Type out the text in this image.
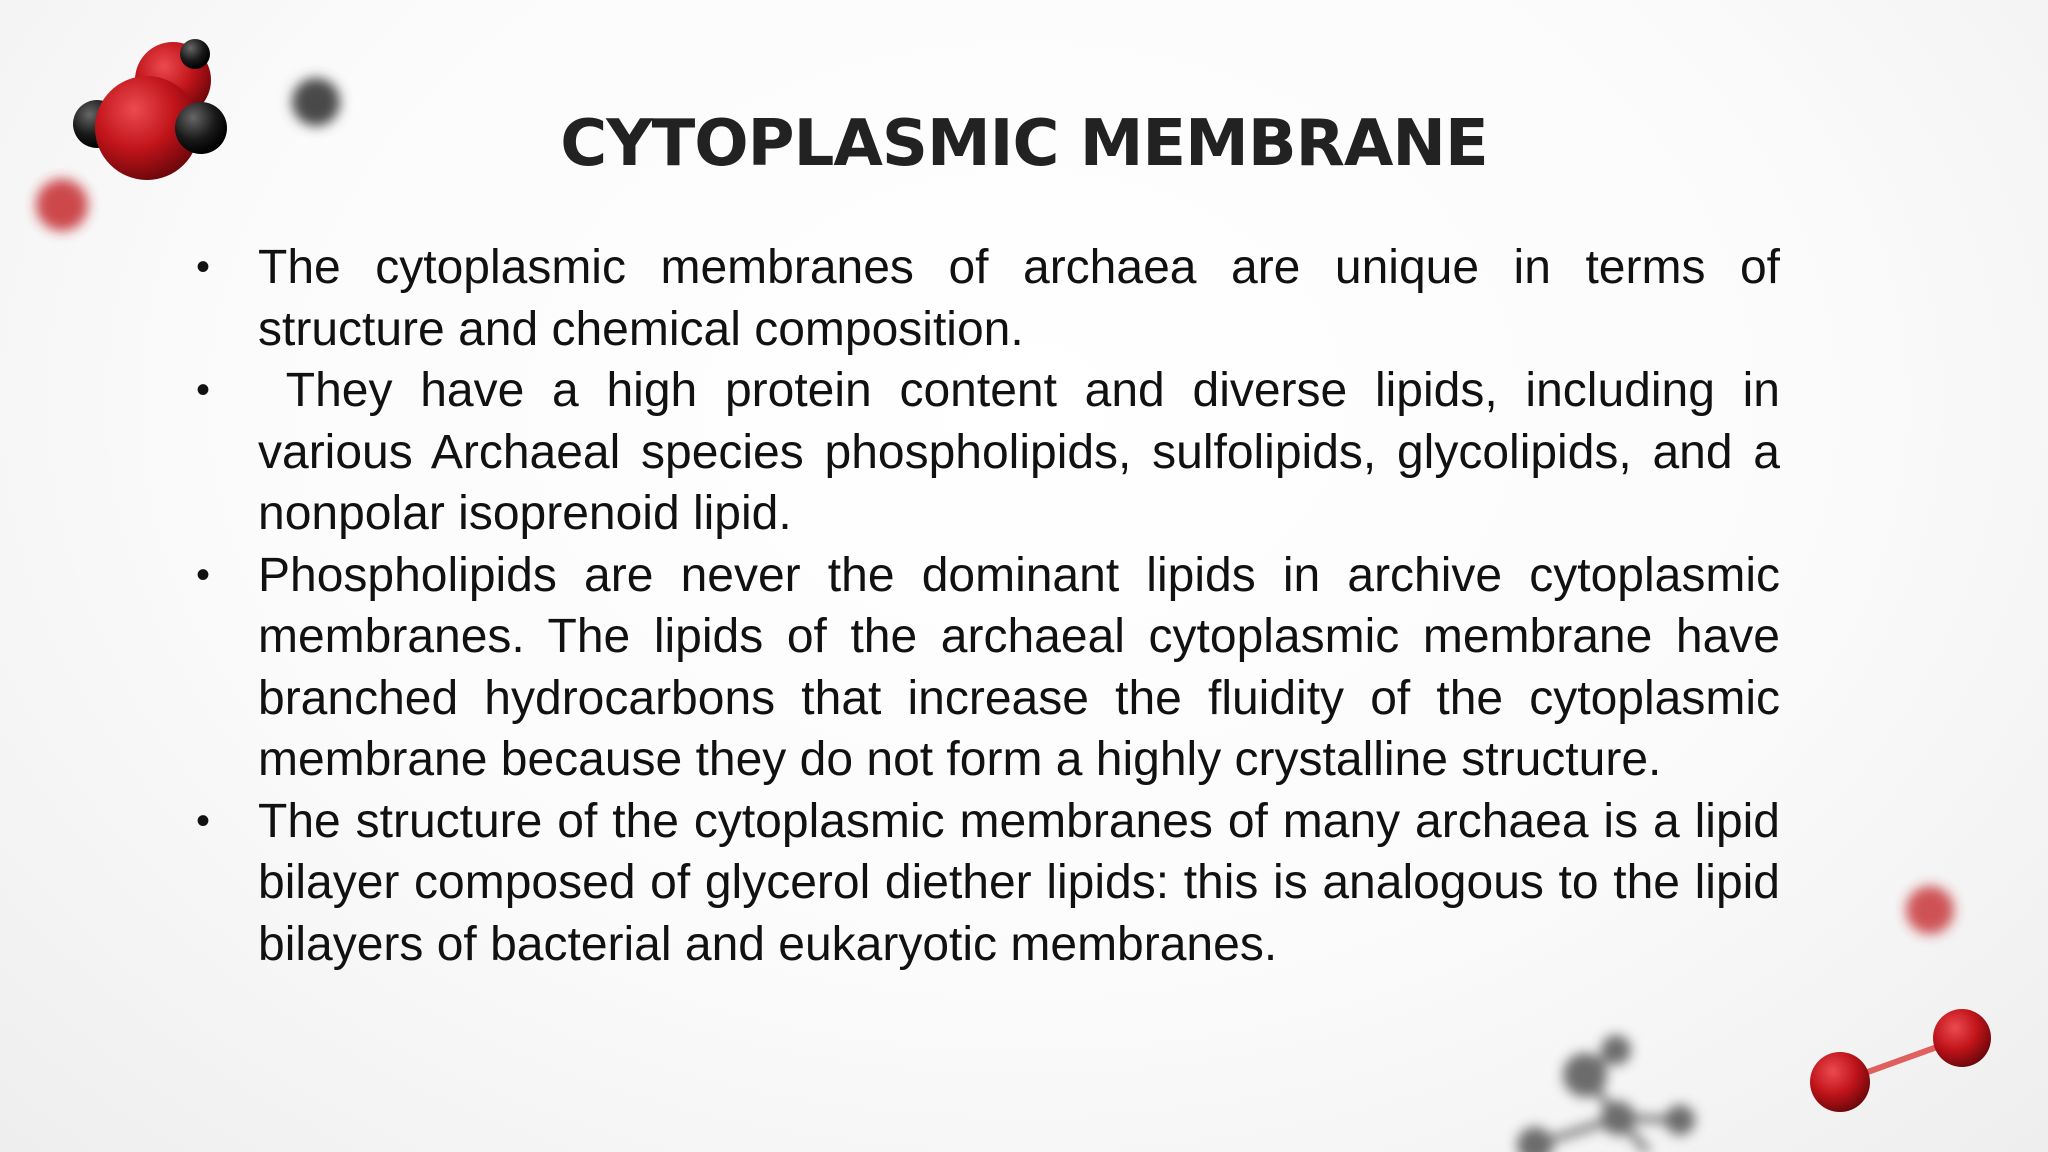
CYTOPLASMIC MEMBRANE
• The cytoplasmic membranes of archaea are unique in terms of structure and chemical composition.
• They have a high protein content and diverse lipids, including in various Archaeal species phospholipids, sulfolipids, glycolipids, and a nonpolar isoprenoid lipid.
• Phospholipids are never the dominant lipids in archive cytoplasmic membranes. The lipids of the archaeal cytoplasmic membrane have branched hydrocarbons that increase the fluidity of the cytoplasmic membrane because they do not form a highly crystalline structure.
• The structure of the cytoplasmic membranes of many archaea is a lipid bilayer composed of glycerol diether lipids: this is analogous to the lipid bilayers of bacterial and eukaryotic membranes.
